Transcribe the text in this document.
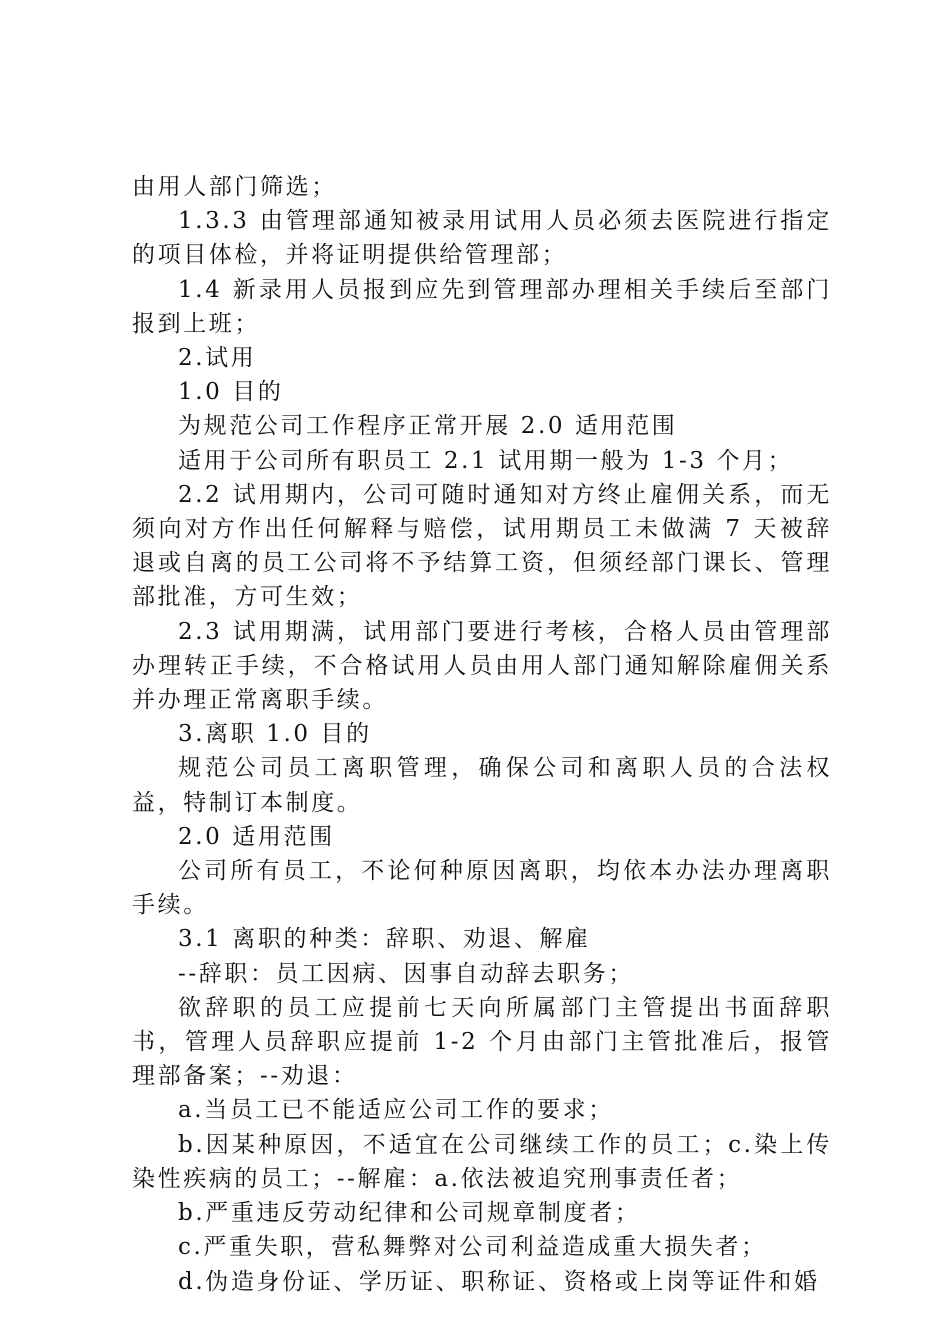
由用人部门筛选；

1.3.3 由管理部通知被录用试用人员必须去医院进行指定的项目体检，并将证明提供给管理部；

1.4 新录用人员报到应先到管理部办理相关手续后至部门报到上班；

2.试用

1.0 目的

为规范公司工作程序正常开展 2.0 适用范围

适用于公司所有职员工 2.1 试用期一般为 1-3 个月；

2.2 试用期内，公司可随时通知对方终止雇佣关系，而无须向对方作出任何解释与赔偿，试用期员工未做满 7 天被辞退或自离的员工公司将不予结算工资，但须经部门课长、管理部批准，方可生效；

2.3 试用期满，试用部门要进行考核，合格人员由管理部办理转正手续，不合格试用人员由用人部门通知解除雇佣关系并办理正常离职手续。

3.离职 1.0 目的

规范公司员工离职管理，确保公司和离职人员的合法权益，特制订本制度。

2.0 适用范围

公司所有员工，不论何种原因离职，均依本办法办理离职手续。

3.1 离职的种类：辞职、劝退、解雇

--辞职：员工因病、因事自动辞去职务；

欲辞职的员工应提前七天向所属部门主管提出书面辞职书，管理人员辞职应提前 1-2 个月由部门主管批准后，报管理部备案；--劝退：

a.当员工已不能适应公司工作的要求；

b.因某种原因，不适宜在公司继续工作的员工；c.染上传染性疾病的员工；--解雇：a.依法被追究刑事责任者；

b.严重违反劳动纪律和公司规章制度者；

c.严重失职，营私舞弊对公司利益造成重大损失者；

d.伪造身份证、学历证、职称证、资格或上岗等证件和婚
